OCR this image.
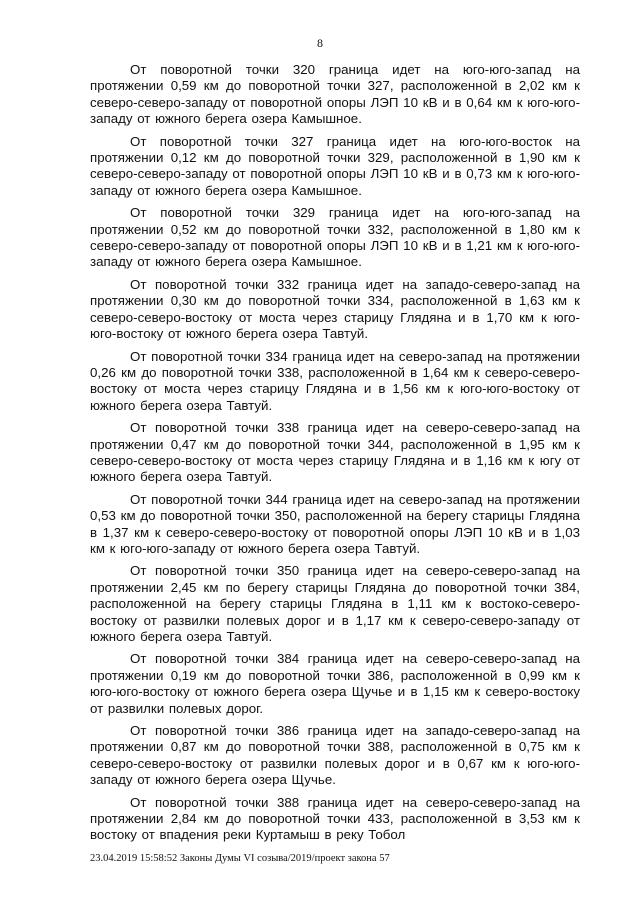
8

От поворотной точки 320 граница идет на юго-юго-запад на протяжении 0,59 км до поворотной точки 327, расположенной в 2,02 км к северо-северо-западу от поворотной опоры ЛЭП 10 кВ и в 0,64 км к юго-юго-западу от южного берега озера Камышное.

От поворотной точки 327 граница идет на юго-юго-восток на протяжении 0,12 км до поворотной точки 329, расположенной в 1,90 км к северо-северо-западу от поворотной опоры ЛЭП 10 кВ и в 0,73 км к юго-юго-западу от южного берега озера Камышное.

От поворотной точки 329 граница идет на юго-юго-запад на протяжении 0,52 км до поворотной точки 332, расположенной в 1,80 км к северо-северо-западу от поворотной опоры ЛЭП 10 кВ и в 1,21 км к юго-юго-западу от южного берега озера Камышное.

От поворотной точки 332 граница идет на западо-северо-запад на протяжении 0,30 км до поворотной точки 334, расположенной в 1,63 км к северо-северо-востоку от моста через старицу Глядяна и в 1,70 км к юго-юго-востоку от южного берега озера Тавтуй.

От поворотной точки 334 граница идет на северо-запад на протяжении 0,26 км до поворотной точки 338, расположенной в 1,64 км к северо-северо-востоку от моста через старицу Глядяна и в 1,56 км к юго-юго-востоку от южного берега озера Тавтуй.

От поворотной точки 338 граница идет на северо-северо-запад на протяжении 0,47 км до поворотной точки 344, расположенной в 1,95 км к северо-северо-востоку от моста через старицу Глядяна и в 1,16 км к югу от южного берега озера Тавтуй.

От поворотной точки 344 граница идет на северо-запад на протяжении 0,53 км до поворотной точки 350, расположенной на берегу старицы Глядяна в 1,37 км к северо-северо-востоку от поворотной опоры ЛЭП 10 кВ и в 1,03 км к юго-юго-западу от южного берега озера Тавтуй.

От поворотной точки 350 граница идет на северо-северо-запад на протяжении 2,45 км по берегу старицы Глядяна до поворотной точки 384, расположенной на берегу старицы Глядяна в 1,11 км к востоко-северо-востоку от развилки полевых дорог и в 1,17 км к северо-северо-западу от южного берега озера Тавтуй.

От поворотной точки 384 граница идет на северо-северо-запад на протяжении 0,19 км до поворотной точки 386, расположенной в 0,99 км к юго-юго-востоку от южного берега озера Щучье и в 1,15 км к северо-востоку от развилки полевых дорог.

От поворотной точки 386 граница идет на западо-северо-запад на протяжении 0,87 км до поворотной точки 388, расположенной в 0,75 км к северо-северо-востоку от развилки полевых дорог и в 0,67 км к юго-юго-западу от южного берега озера Щучье.

От поворотной точки 388 граница идет на северо-северо-запад на протяжении 2,84 км до поворотной точки 433, расположенной в 3,53 км к востоку от впадения реки Куртамыш в реку Тобол

23.04.2019 15:58:52 Законы Думы VI созыва/2019/проект закона 57
